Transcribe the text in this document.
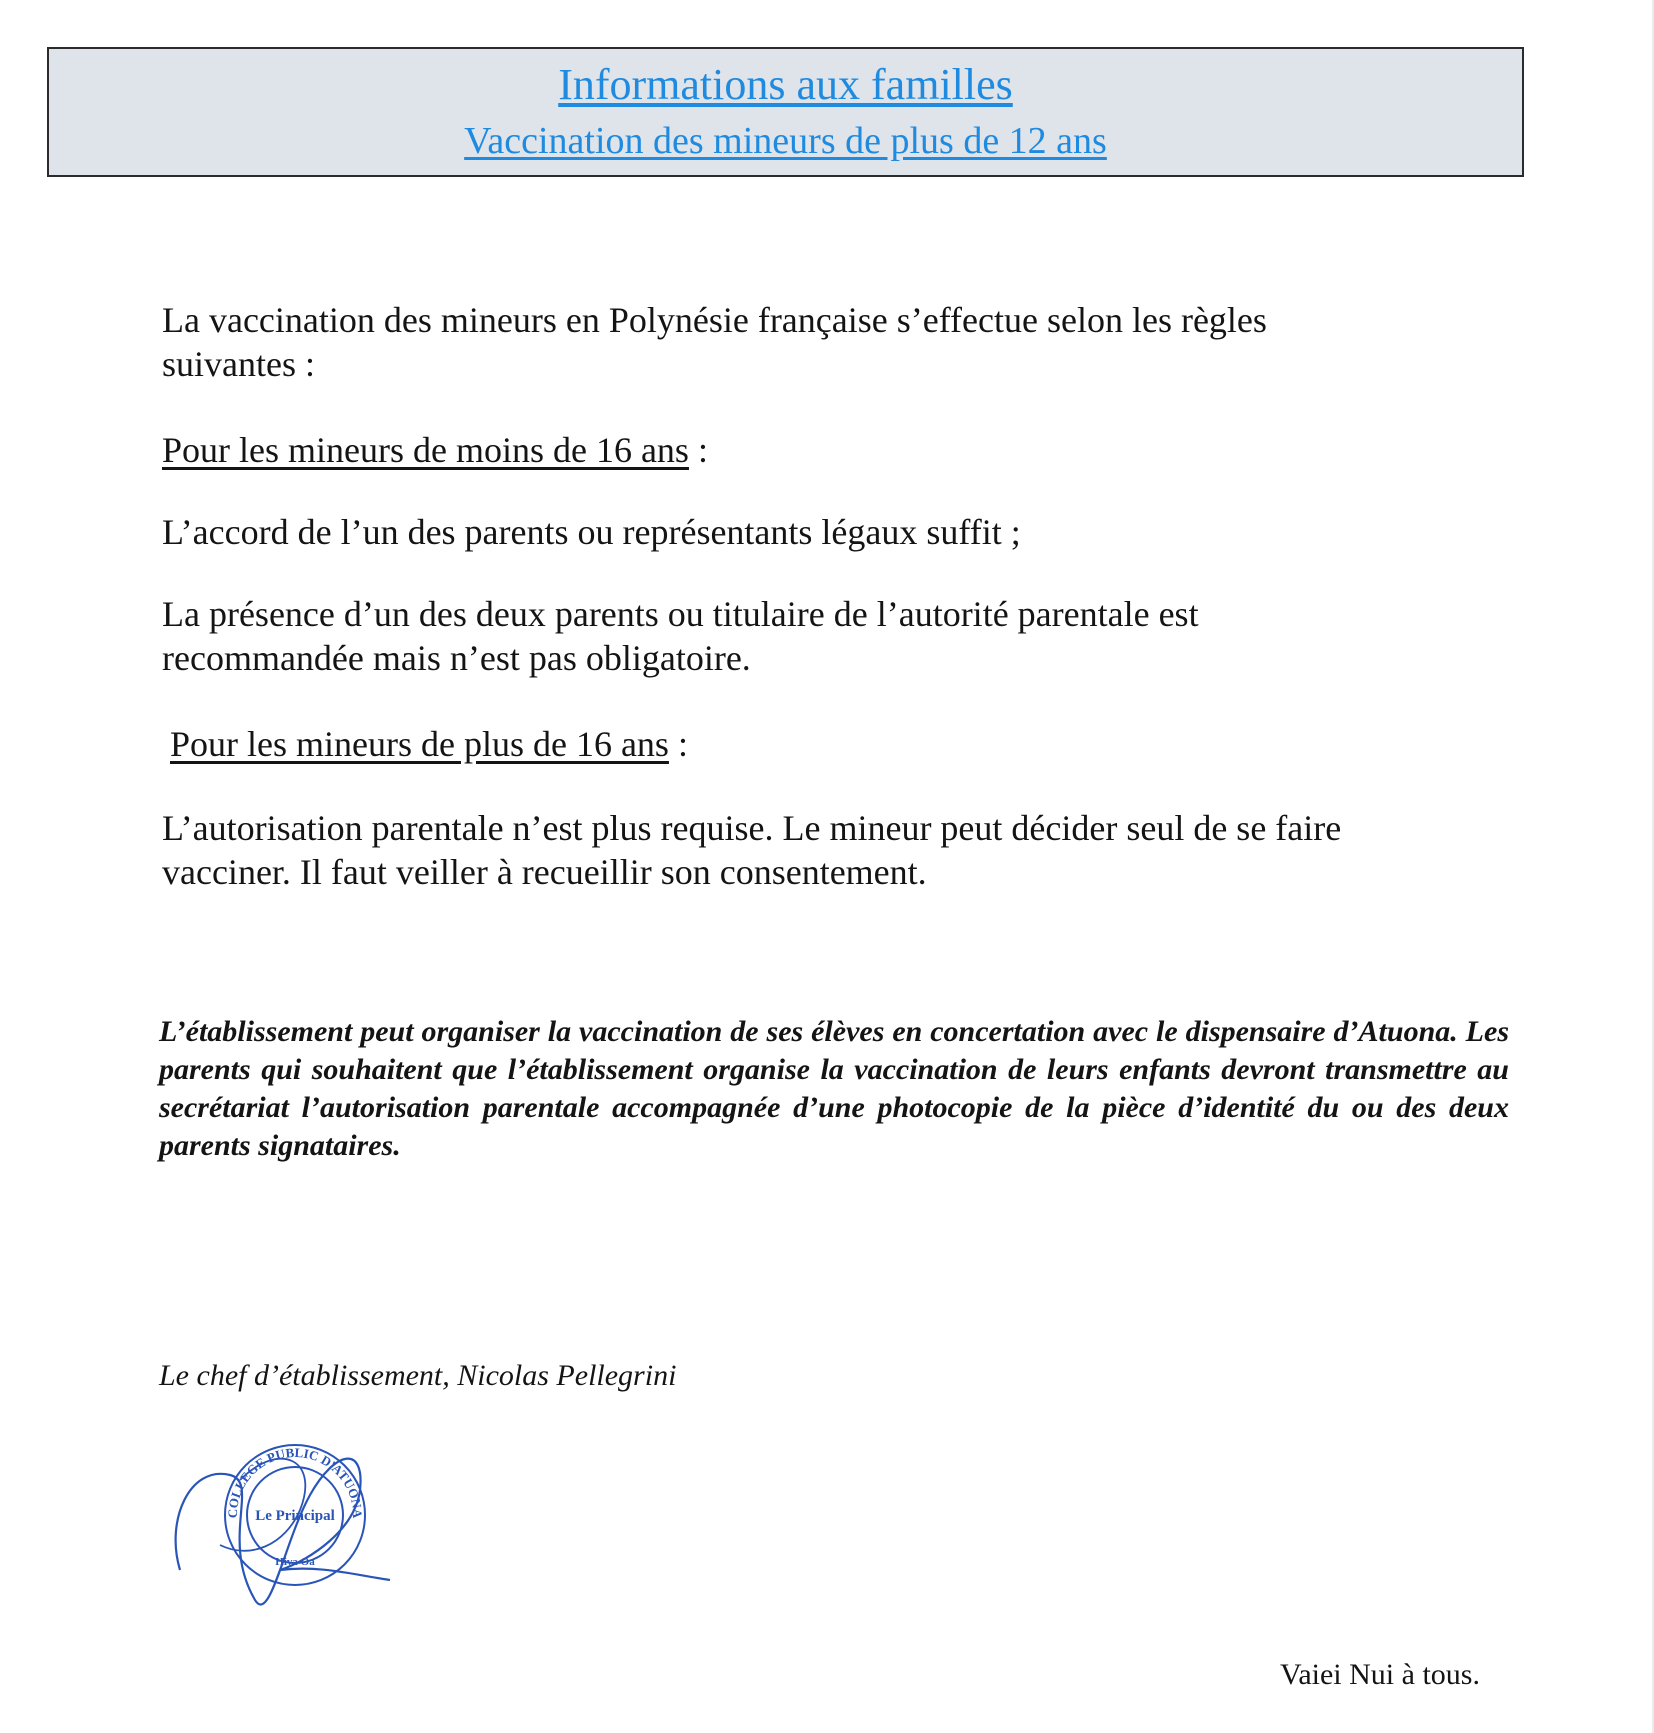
Informations aux familles
Vaccination des mineurs de plus de 12 ans

La vaccination des mineurs en Polynésie française s’effectue selon les règles
suivantes :

Pour les mineurs de moins de 16 ans :

L’accord de l’un des parents ou représentants légaux suffit ;

La présence d’un des deux parents ou titulaire de l’autorité parentale est
recommandée mais n’est pas obligatoire.

Pour les mineurs de plus de 16 ans :

L’autorisation parentale n’est plus requise. Le mineur peut décider seul de se faire
vacciner. Il faut veiller à recueillir son consentement.

L’établissement peut organiser la vaccination de ses élèves en concertation avec le dispensaire d’Atuona. Les parents qui souhaitent que l’établissement organise la vaccination de leurs enfants devront transmettre au secrétariat l’autorisation parentale accompagnée d’une photocopie de la pièce d’identité du ou des deux parents signataires.

Le chef d’établissement, Nicolas Pellegrini

COLLEGE PUBLIC D'ATUONA
Le Principal
Hiva Oa

Vaiei Nui à tous.
